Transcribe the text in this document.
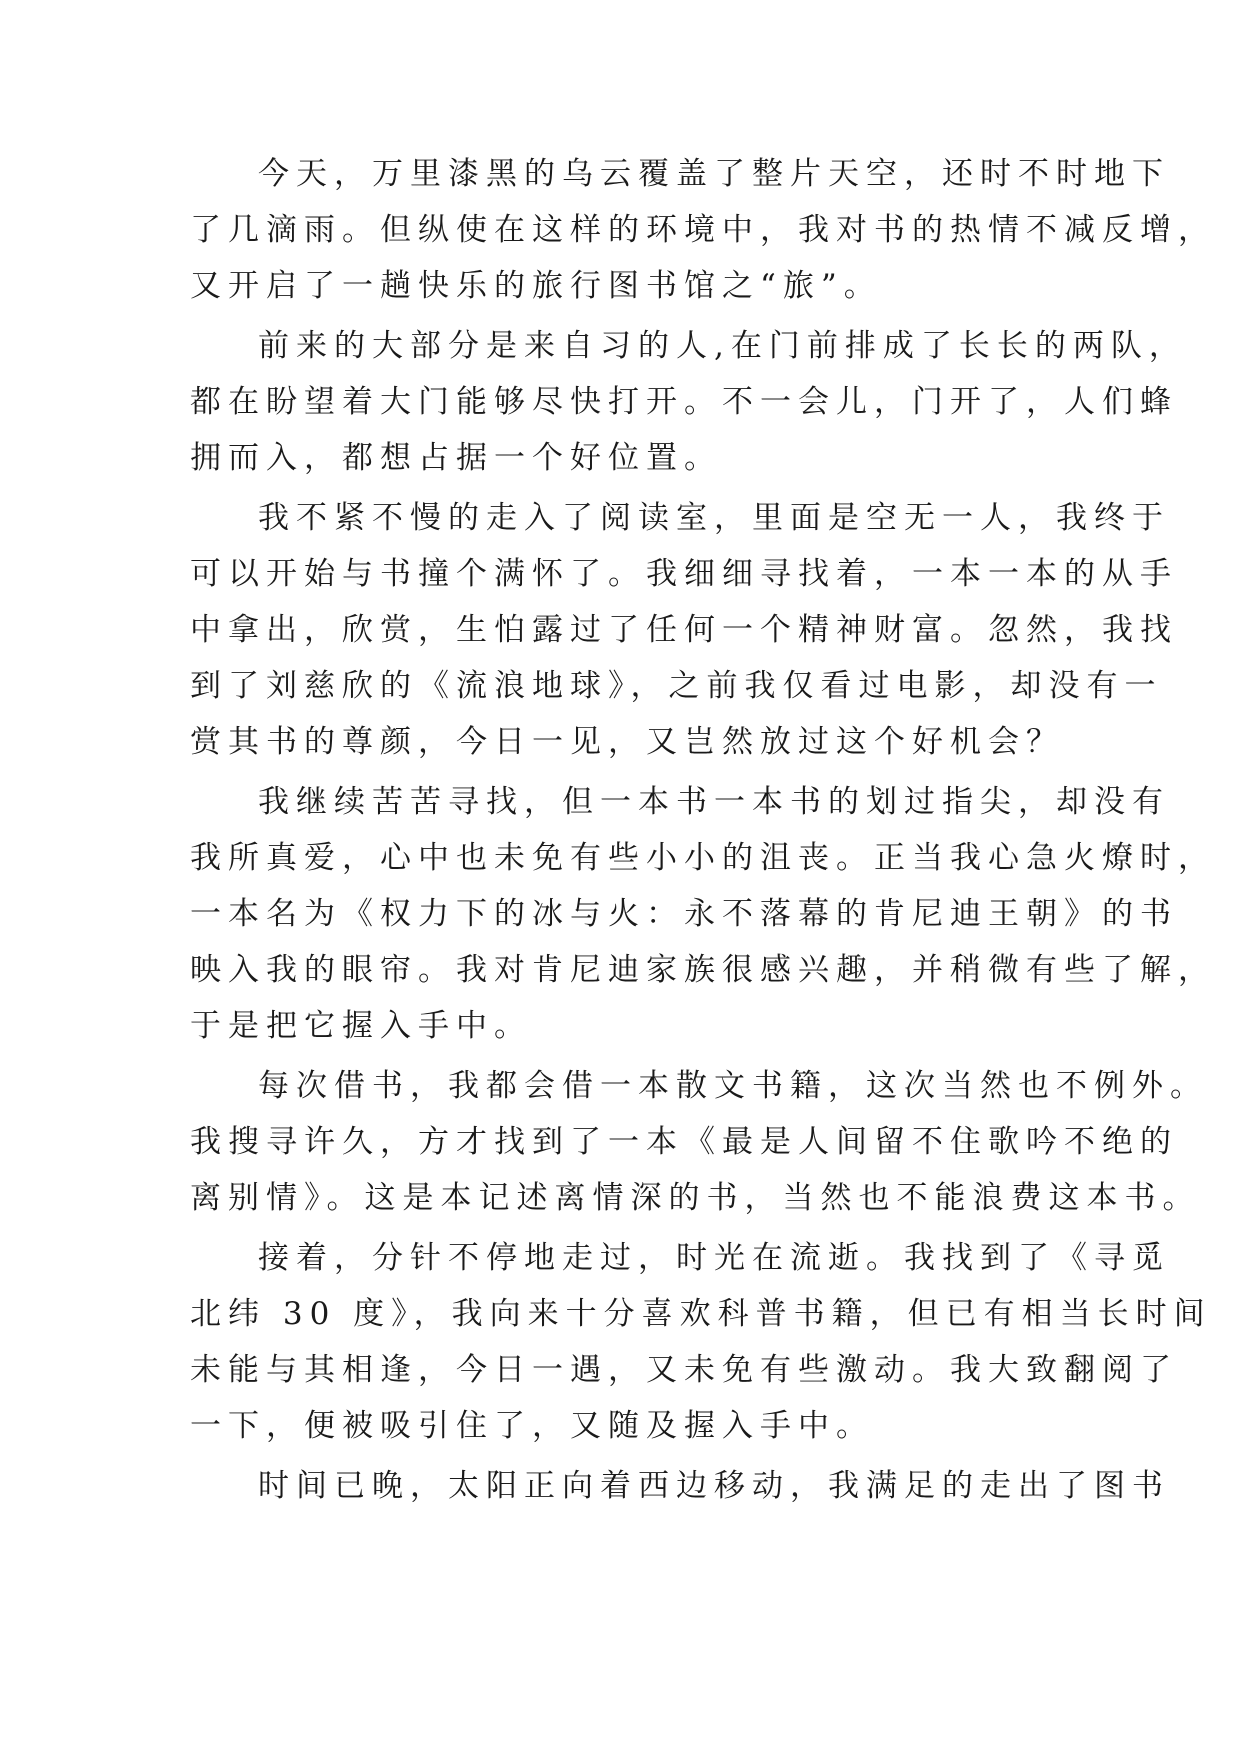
今天，万里漆黑的乌云覆盖了整片天空，还时不时地下
了几滴雨。但纵使在这样的环境中，我对书的热情不减反增，
又开启了一趟快乐的旅行图书馆之“旅”。
前来的大部分是来自习的人,在门前排成了长长的两队，
都在盼望着大门能够尽快打开。不一会儿，门开了，人们蜂
拥而入，都想占据一个好位置。
我不紧不慢的走入了阅读室，里面是空无一人，我终于
可以开始与书撞个满怀了。我细细寻找着，一本一本的从手
中拿出，欣赏，生怕露过了任何一个精神财富。忽然，我找
到了刘慈欣的《流浪地球》，之前我仅看过电影，却没有一
赏其书的尊颜，今日一见，又岂然放过这个好机会？
我继续苦苦寻找，但一本书一本书的划过指尖，却没有
我所真爱，心中也未免有些小小的沮丧。正当我心急火燎时，
一本名为《权力下的冰与火：永不落幕的肯尼迪王朝》的书
映入我的眼帘。我对肯尼迪家族很感兴趣，并稍微有些了解，
于是把它握入手中。
每次借书，我都会借一本散文书籍，这次当然也不例外。
我搜寻许久，方才找到了一本《最是人间留不住歌吟不绝的
离别情》。这是本记述离情深的书，当然也不能浪费这本书。
接着，分针不停地走过，时光在流逝。我找到了《寻觅
北纬 30 度》，我向来十分喜欢科普书籍，但已有相当长时间
未能与其相逢，今日一遇，又未免有些激动。我大致翻阅了
一下，便被吸引住了，又随及握入手中。
时间已晚，太阳正向着西边移动，我满足的走出了图书
